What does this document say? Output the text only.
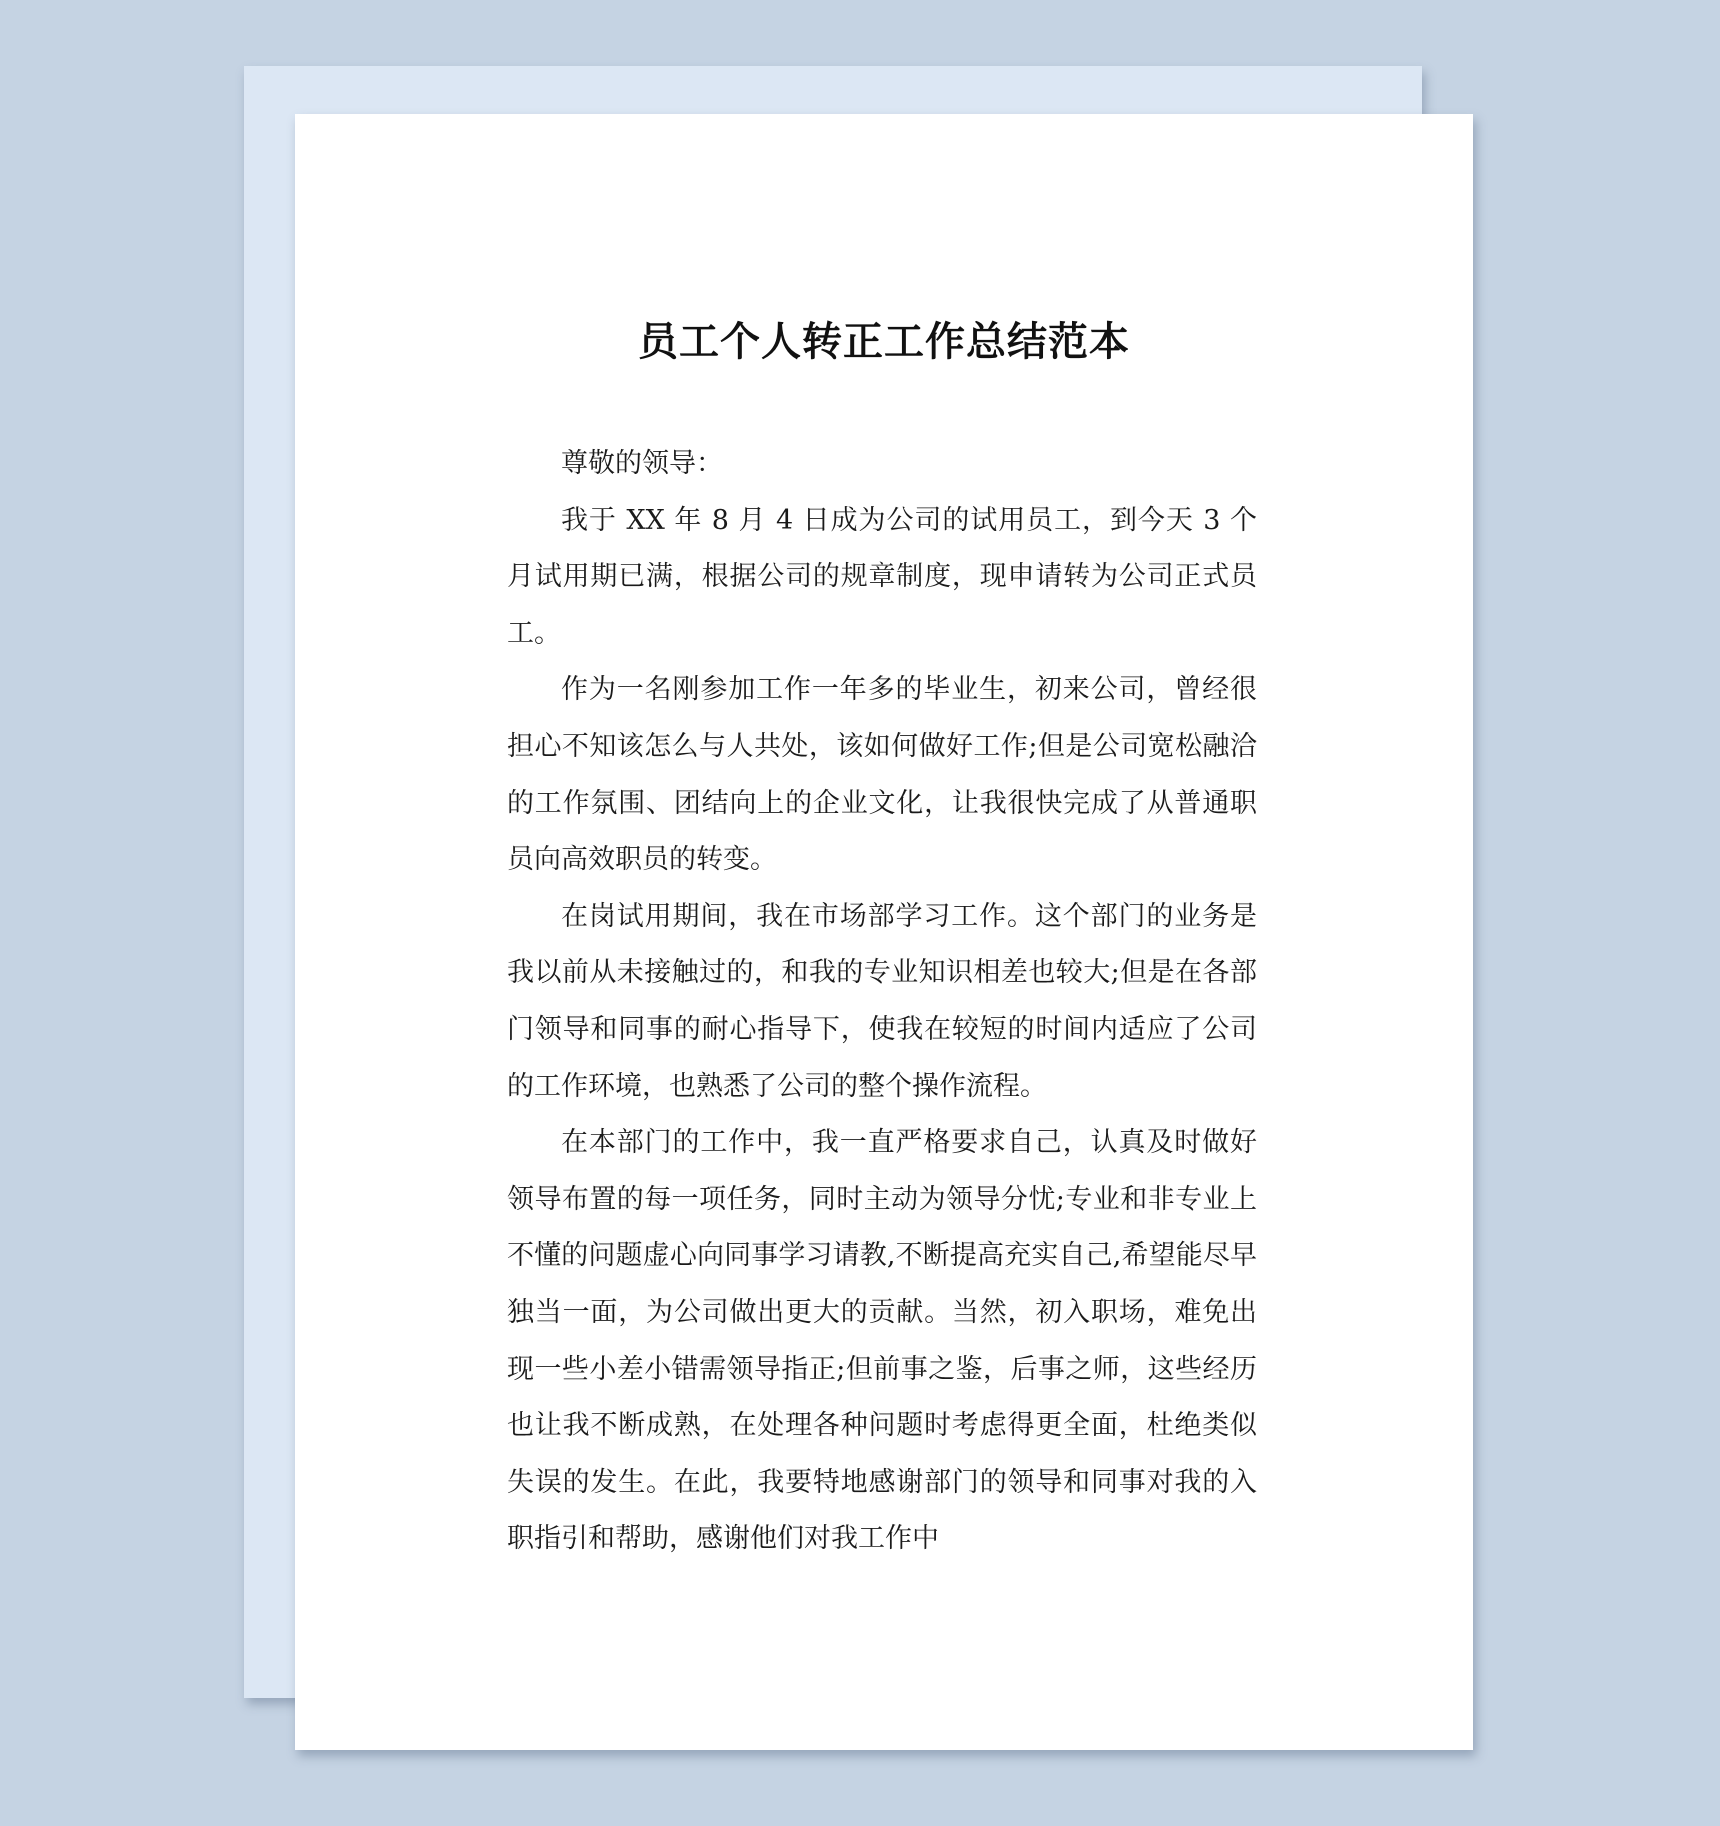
员工个人转正工作总结范本

尊敬的领导：

我于 XX 年 8 月 4 日成为公司的试用员工，到今天 3 个月试用期已满，根据公司的规章制度，现申请转为公司正式员工。

作为一名刚参加工作一年多的毕业生，初来公司，曾经很担心不知该怎么与人共处，该如何做好工作;但是公司宽松融洽的工作氛围、团结向上的企业文化，让我很快完成了从普通职员向高效职员的转变。

在岗试用期间，我在市场部学习工作。这个部门的业务是我以前从未接触过的，和我的专业知识相差也较大;但是在各部门领导和同事的耐心指导下，使我在较短的时间内适应了公司的工作环境，也熟悉了公司的整个操作流程。

在本部门的工作中，我一直严格要求自己，认真及时做好领导布置的每一项任务，同时主动为领导分忧;专业和非专业上不懂的问题虚心向同事学习请教,不断提高充实自己,希望能尽早独当一面，为公司做出更大的贡献。当然，初入职场，难免出现一些小差小错需领导指正;但前事之鉴，后事之师，这些经历也让我不断成熟，在处理各种问题时考虑得更全面，杜绝类似失误的发生。在此，我要特地感谢部门的领导和同事对我的入职指引和帮助，感谢他们对我工作中
